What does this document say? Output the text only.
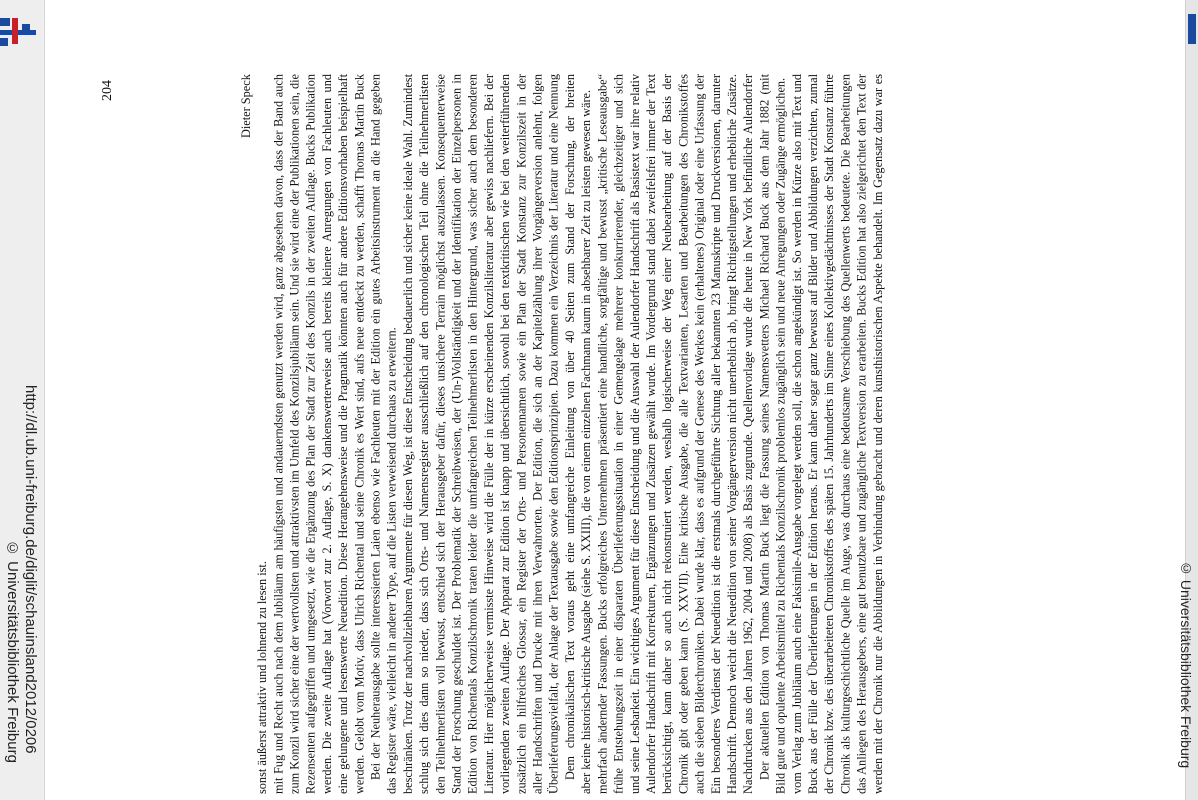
http://dl.ub.uni-freiburg.de/diglit/schauinsland2012/0206
© Universitätsbibliothek Freiburg	© Universitätsbibliothek Freiburg

werden mit der Chronik nur die Abbildungen in Verbindung gebracht und deren kunsthistorischen Aspekte behandelt. Im Gegensatz dazu war es das Anliegen des Herausgebers, eine gut benutzbare und zugängliche Textversion zu erarbeiten. Bucks Edition hat also zielgerichtet den Text der Chronik als kulturgeschichtliche Quelle im Auge, was durchaus eine bedeutsame Verschiebung des Quellenwerts bedeutete. Die Bearbeitungen der Chronik bzw. des überarbeiteten Chronikstoffes des späten 15. Jahrhunderts im Sinne eines Kollektivgedächtnisses der Stadt Konstanz führte Buck aus der Fülle der Überlieferungen in der Edition heraus. Er kann daher sogar ganz bewusst auf Bilder und Abbildungen verzichten, zumal vom Verlag zum Jubiläum auch eine Faksimile-Ausgabe vorgelegt werden soll, die schon angekündigt ist. So werden in Kürze also mit Text und Bild gute und opulente Arbeitsmittel zu Richentals Konzilschronik problemlos zugänglich sein und neue Anregungen oder Zugänge ermöglichen.

Der aktuellen Edition von Thomas Martin Buck liegt die Fassung seines Namensvetters Michael Richard Buck aus dem Jahr 1882 (mit Nachdrucken aus den Jahren 1962, 2004 und 2008) als Basis zugrunde. Quellenvorlage wurde die heute in New York befindliche Aulendorfer Handschrift. Dennoch weicht die Neuedition von seiner Vorgängerversion nicht unerheblich ab, bringt Richtigstellungen und erhebliche Zusätze. Ein besonderes Verdienst der Neuedition ist die erstmals durchgeführte Sichtung aller bekannten 23 Manuskripte und Druckversionen, darunter auch die sieben Bilderchroniken. Dabei wurde klar, dass es aufgrund der Genese des Werkes kein (erhaltenes) Original oder eine Urfassung der Chronik gibt oder geben kann (S. XXVII). Eine kritische Ausgabe, die alle Textvarianten, Lesarten und Bearbeitungen des Chronikstoffes berücksichtigt, kann daher so auch nicht rekonstruiert werden, weshalb logischerweise der Weg einer Neubearbeitung auf der Basis der Aulendorfer Handschrift mit Korrekturen, Ergänzungen und Zusätzen gewählt wurde. Im Vordergrund stand dabei zweifelsfrei immer der Text und seine Lesbarkeit. Ein wichtiges Argument für diese Entscheidung und die Auswahl der Aulendorfer Handschrift als Basistext war ihre relativ frühe Entstehungszeit in einer disparaten Überlieferungssituation in einer Gemengelage mehrerer konkurrierender, gleichzeitiger und sich mehrfach ändernder Fassungen. Bucks erfolgreiches Unternehmen präsentiert eine handliche, sorgfältige und bewusst „kritische Leseausgabe“ aber keine historisch-kritische Ausgabe (siehe S. XXIII), die von einem einzelnen Fachmann kaum in absehbarer Zeit zu leisten gewesen wäre.

Dem chronikalischen Text voraus geht eine umfangreiche Einleitung von über 40 Seiten zum Stand der Forschung, der breiten Überlieferungsvielfalt, der Anlage der Textausgabe sowie den Editionsprinzipien. Dazu kommen ein Verzeichnis der Literatur und eine Nennung aller Handschriften und Drucke mit ihren Verwahrorten. Der Edition, die sich an der Kapitelzählung ihrer Vorgängerversion anlehnt, folgen zusätzlich ein hilfreiches Glossar, ein Register der Orts- und Personennamen sowie ein Plan der Stadt Konstanz zur Konzilszeit in der vorliegenden zweiten Auflage. Der Apparat zur Edition ist knapp und übersichtlich, sowohl bei den textkritischen wie bei den weiterführenden Literatur. Hier möglicherweise vermisste Hinweise wird die Fülle der in kürze erscheinenden Konzilsliteratur aber gewiss nachliefern. Bei der Edition von Richentals Konzilschronik traten leider die umfangreichen Teilnehmerlisten in den Hintergrund, was sicher auch dem besonderen Stand der Forschung geschuldet ist. Der Problematik der Schreibweisen, der (Un-)Vollständigkeit und der Identifikation der Einzelpersonen in den Teilnehmerlisten voll bewusst, entschied sich der Herausgeber dafür, dieses unsichere Terrain möglichst auszulassen. Konsequenterweise schlug sich dies dann so nieder, dass sich Orts- und Namensregister ausschließlich auf den chronologischen Teil ohne die Teilnehmerlisten beschränken. Trotz der nachvollziehbaren Argumente für diesen Weg, ist diese Entscheidung bedauerlich und sicher keine ideale Wahl. Zumindest das Register wäre, vielleicht in anderer Type, auf die Listen verweisend durchaus zu erweitern.

Bei der Neuherausgabe sollte interessierten Laien ebenso wie Fachleuten mit der Edition ein gutes Arbeitsinstrument an die Hand gegeben werden. Gelobt vom Motiv, dass Ulrich Richental und seine Chronik es Wert sind, aufs neue entdeckt zu werden, schafft Thomas Martin Buck eine gelungene und lesenswerte Neuedition. Diese Herangehensweise und die Pragmatik könnten auch für andere Editionsvorhaben beispielhaft werden. Die zweite Auflage hat (Vorwort zur 2. Auflage, S. X) dankenswerterweise auch bereits kleinere Anregungen von Fachleuten und Rezensenten aufgegriffen und umgesetzt, wie die Ergänzung des Plan der Stadt zur Zeit des Konzils in der zweiten Auflage. Bucks Publikation zum Konzil wird sicher eine der wertvollsten und attraktivsten im Umfeld des Konzilsjubiläum sein. Und sie wird eine der Publikationen sein, die mit Fug und Recht auch nach dem Jubiläum am häufigsten und andauerndsten genutzt werden wird, ganz abgesehen davon, dass der Band auch sonst äußerst attraktiv und lohnend zu lesen ist.

Dieter Speck

204
